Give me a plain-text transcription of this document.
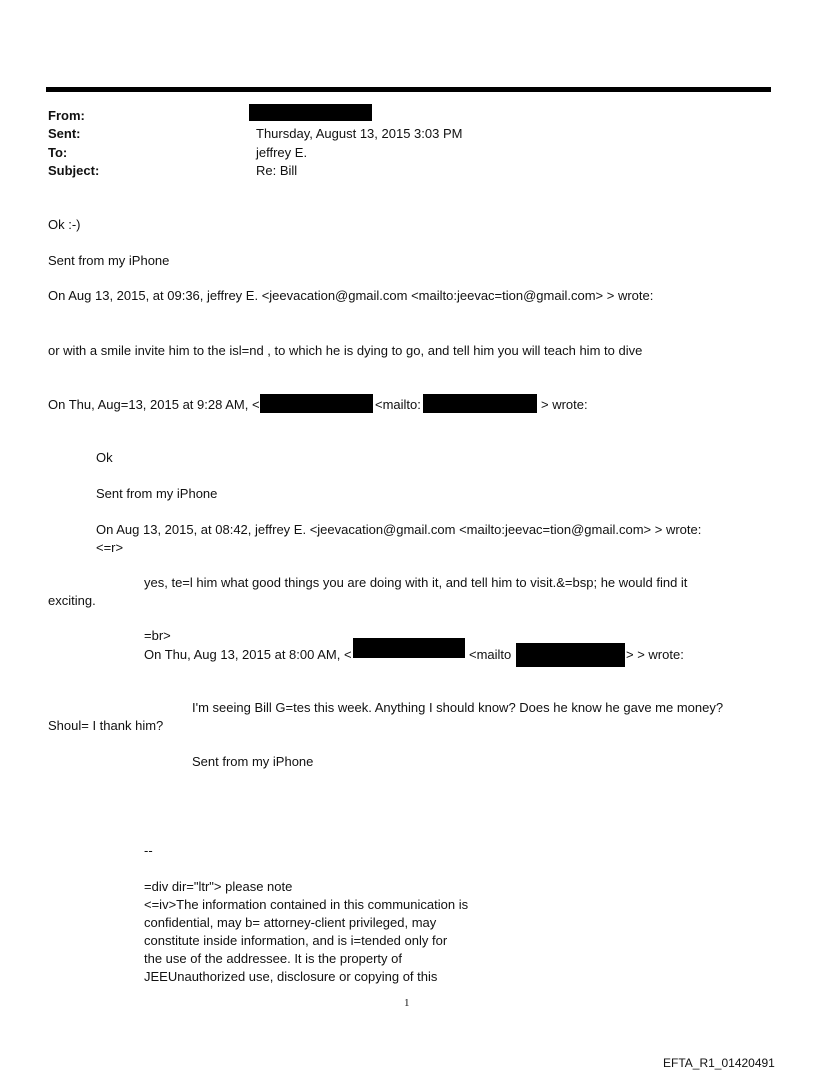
From:
Sent:	Thursday, August 13, 2015 3:03 PM
To:	jeffrey E.
Subject:	Re: Bill
Ok :-)
Sent from my iPhone
On Aug 13, 2015, at 09:36, jeffrey E. <jeevacation@gmail.com <mailto:jeevac=tion@gmail.com> > wrote:
or with a smile invite him to the isl=nd , to which he is dying to go, and tell him you will teach him to dive
On Thu, Aug=13, 2015 at 9:28 AM, <	<mailto:	> wrote:
Ok
Sent from my iPhone
On Aug 13, 2015, at 08:42, jeffrey E. <jeevacation@gmail.com <mailto:jeevac=tion@gmail.com> > wrote:
<=r>
yes, te=l him what good things you are doing with it, and tell him to visit.&=bsp; he would find it
exciting.
=br>
On Thu, Aug 13, 2015 at 8:00 AM, <	<mailto	> > wrote:
I'm seeing Bill G=tes this week. Anything I should know? Does he know he gave me money?
Shoul= I thank him?
Sent from my iPhone
--
=div dir="ltr"> please note
<=iv>The information contained in this communication is
confidential, may b= attorney-client privileged, may
constitute inside information, and is i=tended only for
the use of the addressee. It is the property of
JEEUnauthorized use, disclosure or copying of this
1
EFTA_R1_01420491
